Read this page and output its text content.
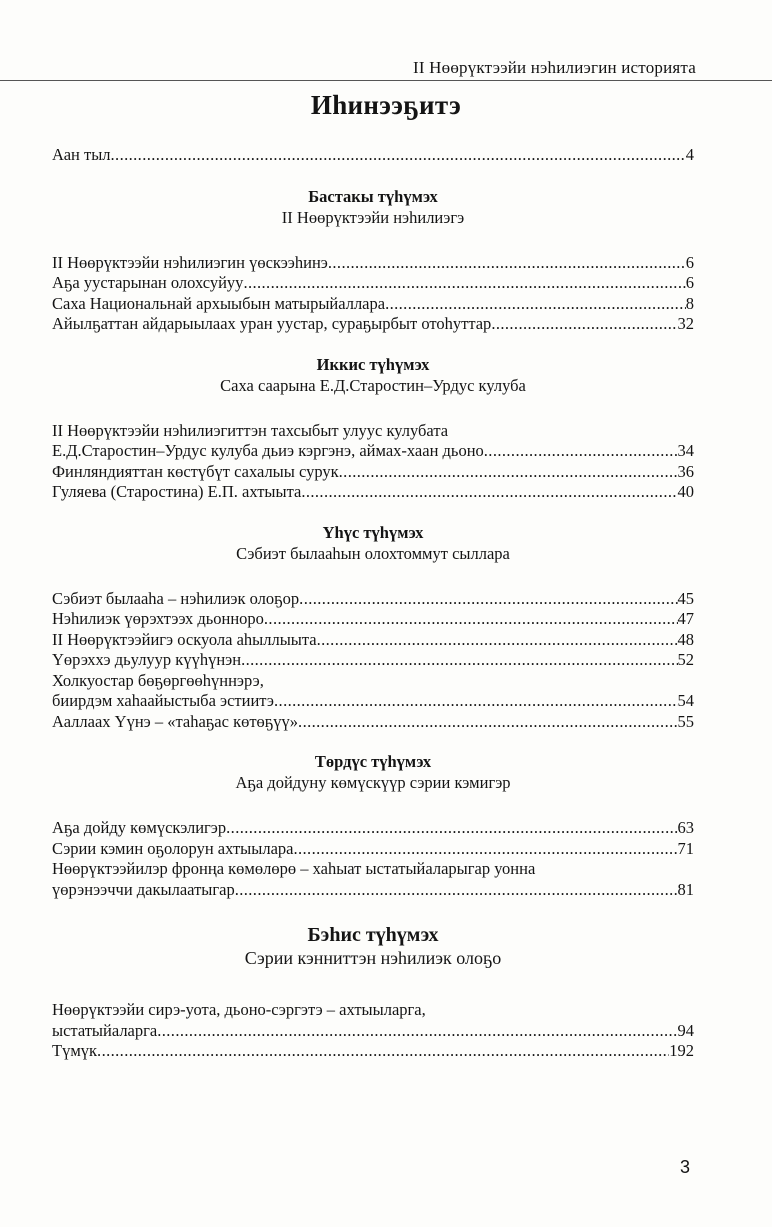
II Нөөрүктээйи нэһилиэгин историята
Иһинээҕитэ
Аан тыл .....	4
Бастакы түһүмэх
II Нөөрүктээйи нэһилиэгэ
II Нөөрүктээйи нэһилиэгин үөскээһинэ .....	6
Аҕа уустарынан олохсуйуу .....	6
Саха Национальнай архыыбын матырыйаллара .....	8
Айылҕаттан айдарыылаах уран уустар, сураҕырбыт отоһуттар .....	32
Иккис түһүмэх
Саха саарына Е.Д.Старостин–Урдус кулуба
II Нөөрүктээйи нэһилиэгиттэн тахсыбыт улуус кулубата
Е.Д.Старостин–Урдус кулуба дьиэ кэргэнэ, аймах-хаан дьоно .....	34
Финляндияттан көстүбүт сахалыы сурук .....	36
Гуляева (Старостина) Е.П. ахтыыта .....	40
Үһүс түһүмэх
Сэбиэт былааһын олохтоммут сыллара
Сэбиэт былааһа – нэһилиэк олоҕор .....	45
Нэһилиэк үөрэхтээх дьонноро .....	47
II Нөөрүктээйигэ оскуола аһыллыыта .....	48
Үөрэххэ дьулуур күүһүнэн .....	52
Холкуостар бөҕөргөөһүннэрэ,
биирдэм хаһаайыстыба эстиитэ .....	54
Ааллаах Үүнэ – «таһаҕас көтөҕүү» .....	55
Төрдүс түһүмэх
Аҕа дойдуну көмүскүүр сэрии кэмигэр
Аҕа дойду көмүскэлигэр .....	63
Сэрии кэмин оҕолорун ахтыылара .....	71
Нөөрүктээйилэр фронңа көмөлөрө – хаһыат ыстатыйаларыгар уонна
үөрэнээччи дакылаатыгар .....	81
Бэһис түһүмэх
Сэрии кэнниттэн нэһилиэк олоҕо
Нөөрүктээйи сирэ-уота, дьоно-сэргэтэ – ахтыыларга,
ыстатыйаларга .....	94
Түмүк .....	192
3
